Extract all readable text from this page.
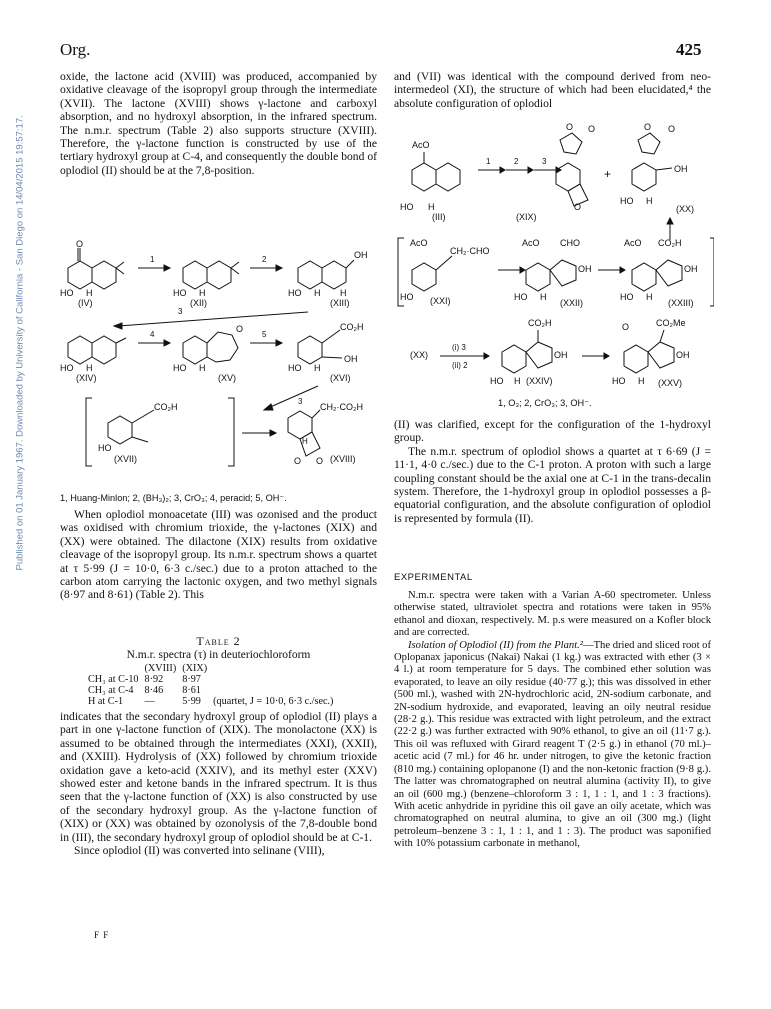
Org.	425
Published on 01 January 1967. Downloaded by University of California - San Diego on 14/04/2015 19:57:17.

oxide, the lactone acid (XVIII) was produced, accompanied by oxidative cleavage of the isopropyl group through the intermediate (XVII). The lactone (XVIII) shows γ-lactone and carboxyl absorption, and no hydroxyl absorption, in the infrared spectrum. The n.m.r. spectrum (Table 2) also supports structure (XVIII). Therefore, the γ-lactone function is constructed by use of the tertiary hydroxyl group at C-4, and consequently the double bond of oplodiol (II) should be at the 7,8-position.

O
HO H
(IV)
1
HO H
(XII)
2	OH
HO H H
(XIII)
3
HO H
(XIV)
4
O
HO H
(XV)
5
CO₂H
OH
HO H
(XVI)
3
CO₂H
HO
(XVII)
CH₂·CO₂H
H
O O (XVIII)
1, Huang-Minlon; 2, (BH₃)₂; 3, CrO₃; 4, peracid; 5, OH⁻.

When oplodiol monoacetate (III) was ozonised and the product was oxidised with chromium trioxide, the γ-lactones (XIX) and (XX) were obtained. The dilactone (XIX) results from oxidative cleavage of the isopropyl group. Its n.m.r. spectrum shows a quartet at τ 5·99 (J = 10·0, 6·3 c./sec.) due to a proton attached to the carbon atom carrying the lactonic oxygen, and two methyl signals (8·97 and 8·61) (Table 2). This

Table 2
N.m.r. spectra (τ) in deuteriochloroform
	(XVIII)	(XIX)	
CH₃ at C-10	8·92	8·97	
CH₃ at C-4	8·46	8·61	
H at C-1	—	5·99	(quartet, J = 10·0, 6·3 c./sec.)

indicates that the secondary hydroxyl group of oplodiol (II) plays a part in one γ-lactone function of (XIX). The monolactone (XX) is assumed to be obtained through the intermediates (XXI), (XXII), and (XXIII). Hydrolysis of (XX) followed by chromium trioxide oxidation gave a keto-acid (XXIV), and its methyl ester (XXV) showed ester and ketone bands in the infrared spectrum. It is thus seen that the γ-lactone function of (XX) is also constructed by use of the secondary hydroxyl group. As the γ-lactone function of (XIX) or (XX) was obtained by ozonolysis of the 7,8-double bond in (III), the secondary hydroxyl group of oplodiol should be at C-1.

Since oplodiol (II) was converted into selinane (VIII),

F F

and (VII) was identical with the compound derived from neo-intermedeol (XI), the structure of which had been elucidated,⁴ the absolute configuration of oplodiol

AcO
HO H
(III)
1	2	3
O O
O
(XIX)
+
O O
OH
HO H
(XX)
AcO
CH₂·CHO
HO (XXI)
AcO CHO
OH
HO H
(XXII)
AcO CO₂H
OH
HO H
(XXIII)
(XX)
(i) 3
(ii) 2
CO₂H
OH
HO H (XXIV)
O	CO₂Me
OH
HO H (XXV)
1, O₃; 2, CrO₃; 3, OH⁻.

(II) was clarified, except for the configuration of the 1-hydroxyl group.

The n.m.r. spectrum of oplodiol shows a quartet at τ 6·69 (J = 11·1, 4·0 c./sec.) due to the C-1 proton. A proton with such a large coupling constant should be the axial one at C-1 in the trans-decalin system. Therefore, the 1-hydroxyl group in oplodiol possesses a β-equatorial configuration, and the absolute configuration of oplodiol is represented by formula (II).

EXPERIMENTAL

N.m.r. spectra were taken with a Varian A-60 spectrometer. Unless otherwise stated, ultraviolet spectra and rotations were taken in 95% ethanol and dioxan, respectively. M. p.s were measured on a Kofler block and are corrected.

Isolation of Oplodiol (II) from the Plant.²—The dried and sliced root of Oplopanax japonicus (Nakai) Nakai (1 kg.) was extracted with ether (3 × 4 l.) at room temperature for 5 days. The combined ether solution was evaporated, to leave an oily residue (40·77 g.); this was dissolved in ether (500 ml.), washed with 2N-hydrochloric acid, 2N-sodium carbonate, and 2N-sodium hydroxide, and evaporated, leaving an oily neutral residue (28·2 g.). This residue was extracted with light petroleum, and the extract (22·2 g.) was further extracted with 90% ethanol, to give an oil (11·7 g.). This oil was refluxed with Girard reagent T (2·5 g.) in ethanol (70 ml.)–acetic acid (7 ml.) for 46 hr. under nitrogen, to give the ketonic fraction (810 mg.) containing oplopanone (I) and the non-ketonic fraction (9·8 g.). The latter was chromatographed on neutral alumina (activity II), to give an oil (600 mg.) (benzene–chloroform 3 : 1, 1 : 1, and 1 : 3 fractions). With acetic anhydride in pyridine this oil gave an oily acetate, which was chromatographed on neutral alumina, to give an oil (300 mg.) (light petroleum–benzene 3 : 1, 1 : 1, and 1 : 3). The product was saponified with 10% potassium carbonate in methanol,
